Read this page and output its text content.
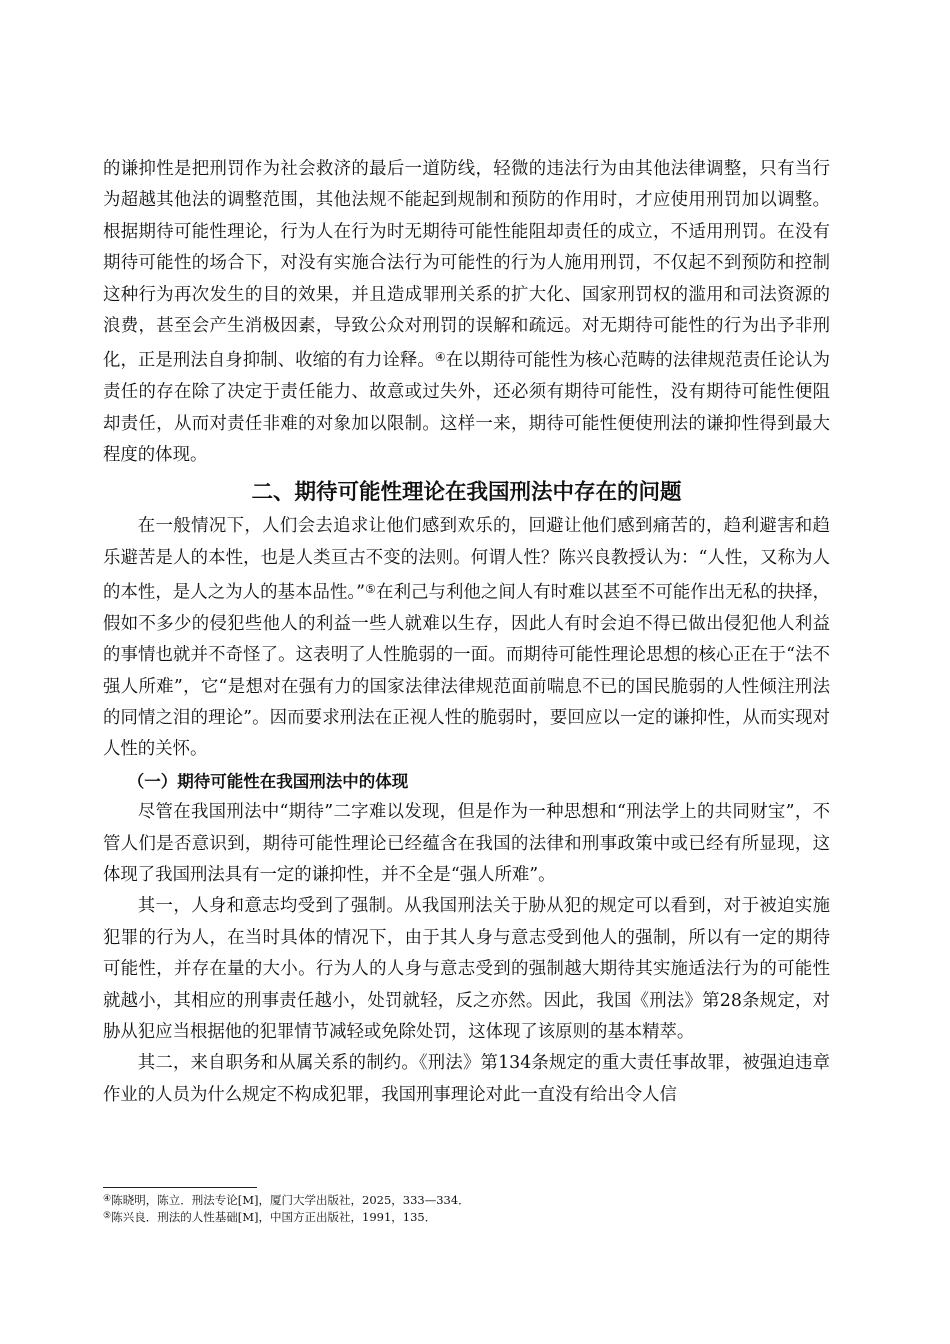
的谦抑性是把刑罚作为社会救济的最后一道防线，轻微的违法行为由其他法律调整，只有当行为超越其他法的调整范围，其他法规不能起到规制和预防的作用时，才应使用刑罚加以调整。根据期待可能性理论，行为人在行为时无期待可能性能阻却责任的成立，不适用刑罚。在没有期待可能性的场合下，对没有实施合法行为可能性的行为人施用刑罚，不仅起不到预防和控制这种行为再次发生的目的效果，并且造成罪刑关系的扩大化、国家刑罚权的滥用和司法资源的浪费，甚至会产生消极因素，导致公众对刑罚的误解和疏远。对无期待可能性的行为出予非刑化，正是刑法自身抑制、收缩的有力诠释。④在以期待可能性为核心范畴的法律规范责任论认为责任的存在除了决定于责任能力、故意或过失外，还必须有期待可能性，没有期待可能性便阻却责任，从而对责任非难的对象加以限制。这样一来，期待可能性便使刑法的谦抑性得到最大程度的体现。

二、期待可能性理论在我国刑法中存在的问题

在一般情况下，人们会去追求让他们感到欢乐的，回避让他们感到痛苦的，趋利避害和趋乐避苦是人的本性，也是人类亘古不变的法则。何谓人性？陈兴良教授认为：“人性，又称为人的本性，是人之为人的基本品性。”⑤在利己与利他之间人有时难以甚至不可能作出无私的抉择，假如不多少的侵犯些他人的利益一些人就难以生存，因此人有时会迫不得已做出侵犯他人利益的事情也就并不奇怪了。这表明了人性脆弱的一面。而期待可能性理论思想的核心正在于“法不强人所难”，它“是想对在强有力的国家法律法律规范面前喘息不已的国民脆弱的人性倾注刑法的同情之泪的理论”。因而要求刑法在正视人性的脆弱时，要回应以一定的谦抑性，从而实现对人性的关怀。

（一）期待可能性在我国刑法中的体现

尽管在我国刑法中“期待”二字难以发现，但是作为一种思想和“刑法学上的共同财宝”，不管人们是否意识到，期待可能性理论已经蕴含在我国的法律和刑事政策中或已经有所显现，这体现了我国刑法具有一定的谦抑性，并不全是“强人所难”。

其一，人身和意志均受到了强制。从我国刑法关于胁从犯的规定可以看到，对于被迫实施犯罪的行为人，在当时具体的情况下，由于其人身与意志受到他人的强制，所以有一定的期待可能性，并存在量的大小。行为人的人身与意志受到的强制越大期待其实施适法行为的可能性就越小，其相应的刑事责任越小，处罚就轻，反之亦然。因此，我国《刑法》第28条规定，对胁从犯应当根据他的犯罪情节减轻或免除处罚，这体现了该原则的基本精萃。

其二，来自职务和从属关系的制约。《刑法》第134条规定的重大责任事故罪，被强迫违章作业的人员为什么规定不构成犯罪，我国刑事理论对此一直没有给出令人信

④陈晓明，陈立．刑法专论[M]，厦门大学出版社，2025，333—334．
⑤陈兴良．刑法的人性基础[M]，中国方正出版社，1991，135．
